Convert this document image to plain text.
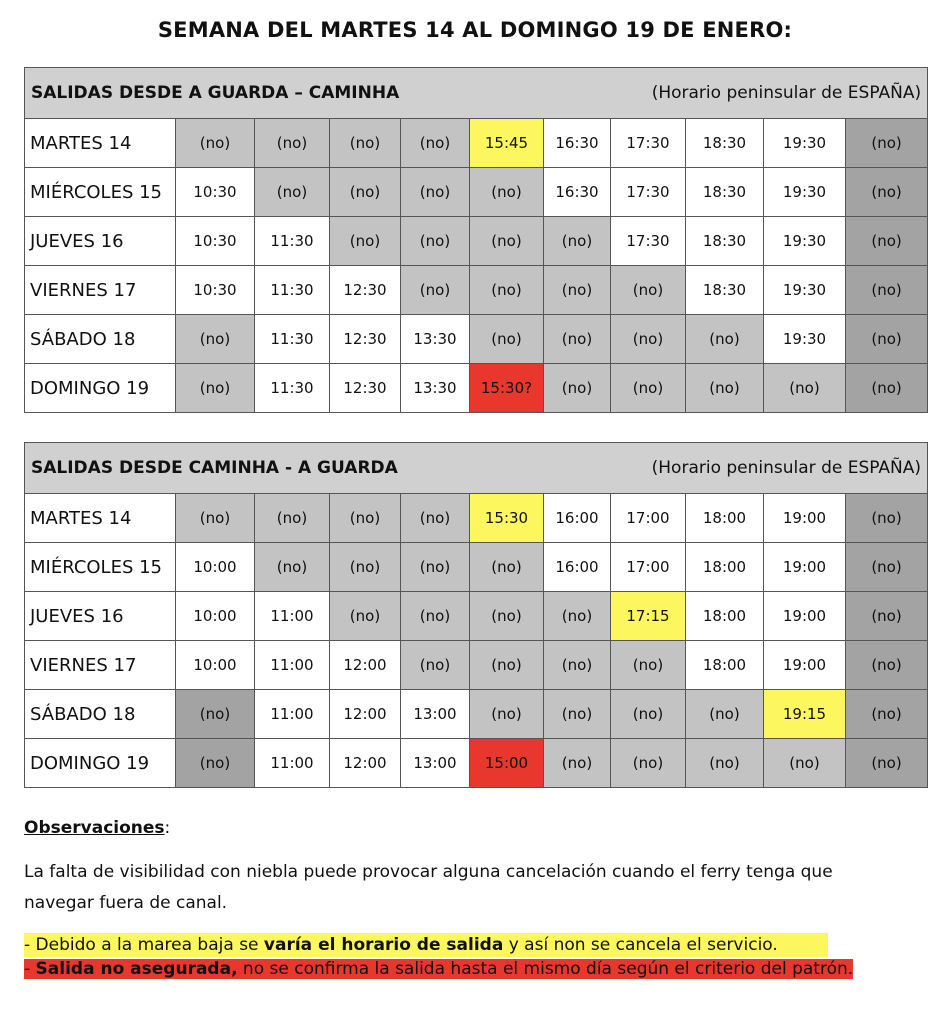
SEMANA DEL MARTES 14 AL DOMINGO 19 DE ENERO:
SALIDAS DESDE A GUARDA – CAMINHA (Horario peninsular de ESPAÑA)										

MARTES 14	(no)	(no)	(no)	(no)	15:45	16:30	17:30	18:30	19:30	(no)
MIÉRCOLES 15	10:30	(no)	(no)	(no)	(no)	16:30	17:30	18:30	19:30	(no)
JUEVES 16	10:30	11:30	(no)	(no)	(no)	(no)	17:30	18:30	19:30	(no)
VIERNES 17	10:30	11:30	12:30	(no)	(no)	(no)	(no)	18:30	19:30	(no)
SÁBADO 18	(no)	11:30	12:30	13:30	(no)	(no)	(no)	(no)	19:30	(no)
DOMINGO 19	(no)	11:30	12:30	13:30	15:30?	(no)	(no)	(no)	(no)	(no)
SALIDAS DESDE CAMINHA - A GUARDA (Horario peninsular de ESPAÑA)										

MARTES 14	(no)	(no)	(no)	(no)	15:30	16:00	17:00	18:00	19:00	(no)
MIÉRCOLES 15	10:00	(no)	(no)	(no)	(no)	16:00	17:00	18:00	19:00	(no)
JUEVES 16	10:00	11:00	(no)	(no)	(no)	(no)	17:15	18:00	19:00	(no)
VIERNES 17	10:00	11:00	12:00	(no)	(no)	(no)	(no)	18:00	19:00	(no)
SÁBADO 18	(no)	11:00	12:00	13:00	(no)	(no)	(no)	(no)	19:15	(no)
DOMINGO 19	(no)	11:00	12:00	13:00	15:00	(no)	(no)	(no)	(no)	(no)

Observaciones:

La falta de visibilidad con niebla puede provocar alguna cancelación cuando el ferry tenga que navegar fuera de canal.

- Debido a la marea baja se varía el horario de salida y así non se cancela el servicio.
- Salida no asegurada, no se confirma la salida hasta el mismo día según el criterio del patrón.
